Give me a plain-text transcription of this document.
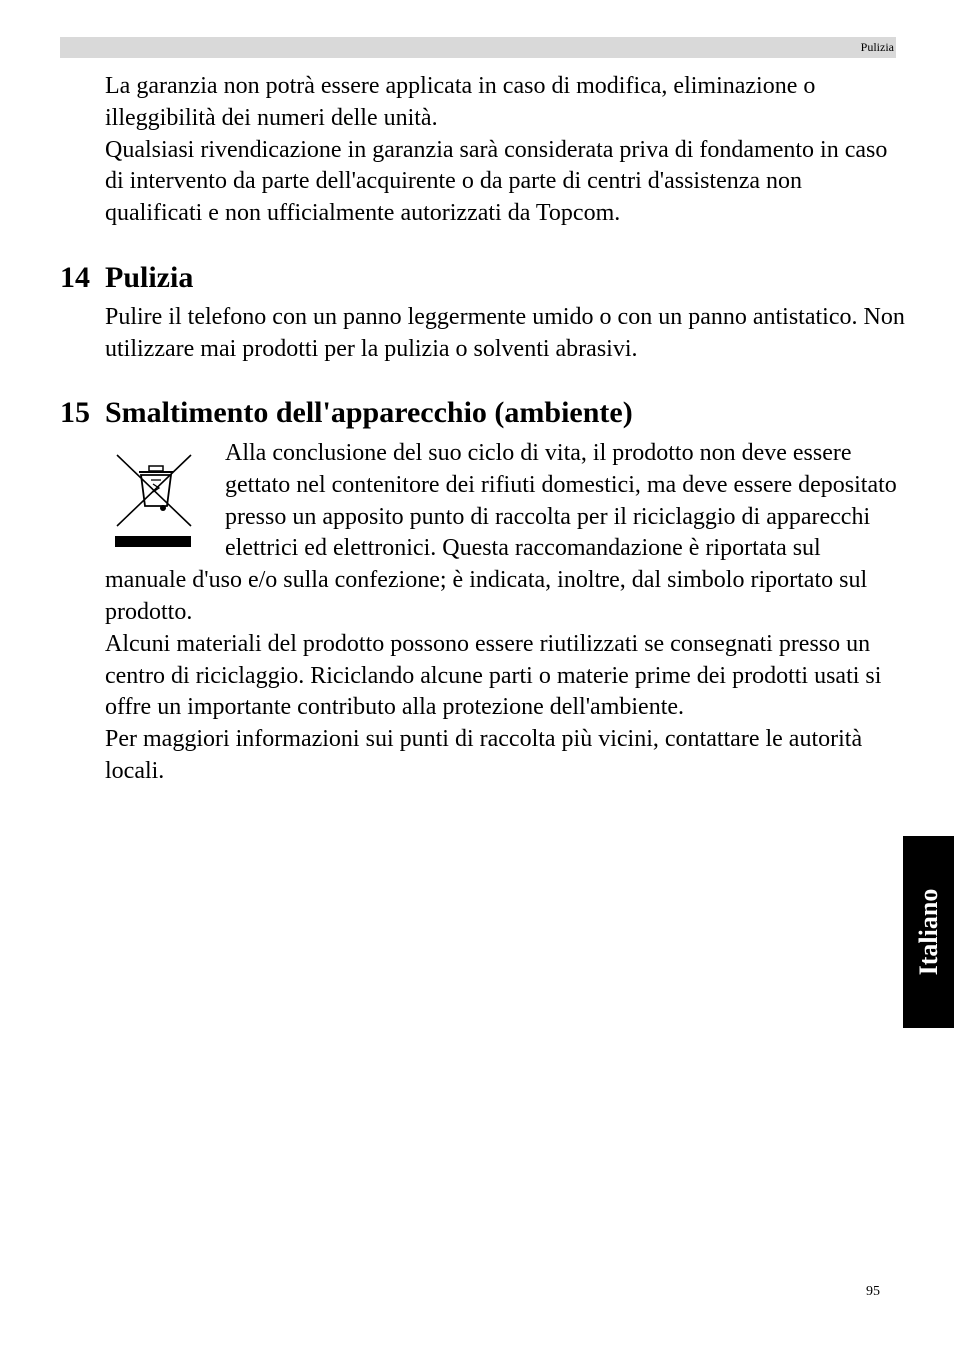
Pulizia

La garanzia non potrà essere applicata in caso di modifica, eliminazione o illeggibilità dei numeri delle unità.

Qualsiasi rivendicazione in garanzia sarà considerata priva di fondamento in caso di intervento da parte dell'acquirente o da parte di centri d'assistenza non qualificati e non ufficialmente autorizzati da Topcom.

14 Pulizia

Pulire il telefono con un panno leggermente umido o con un panno antistatico. Non utilizzare mai prodotti per la pulizia o solventi abrasivi.

15 Smaltimento dell'apparecchio (ambiente)

Alla conclusione del suo ciclo di vita, il prodotto non deve essere gettato nel contenitore dei rifiuti domestici, ma deve essere depositato presso un apposito punto di raccolta per il riciclaggio di apparecchi elettrici ed elettronici. Questa raccomandazione è riportata sul manuale d'uso e/o sulla confezione; è indicata, inoltre, dal simbolo riportato sul prodotto.

Alcuni materiali del prodotto possono essere riutilizzati se consegnati presso un centro di riciclaggio. Riciclando alcune parti o materie prime dei prodotti usati si offre un importante contributo alla protezione dell'ambiente.

Per maggiori informazioni sui punti di raccolta più vicini, contattare le autorità locali.

Italiano
95
